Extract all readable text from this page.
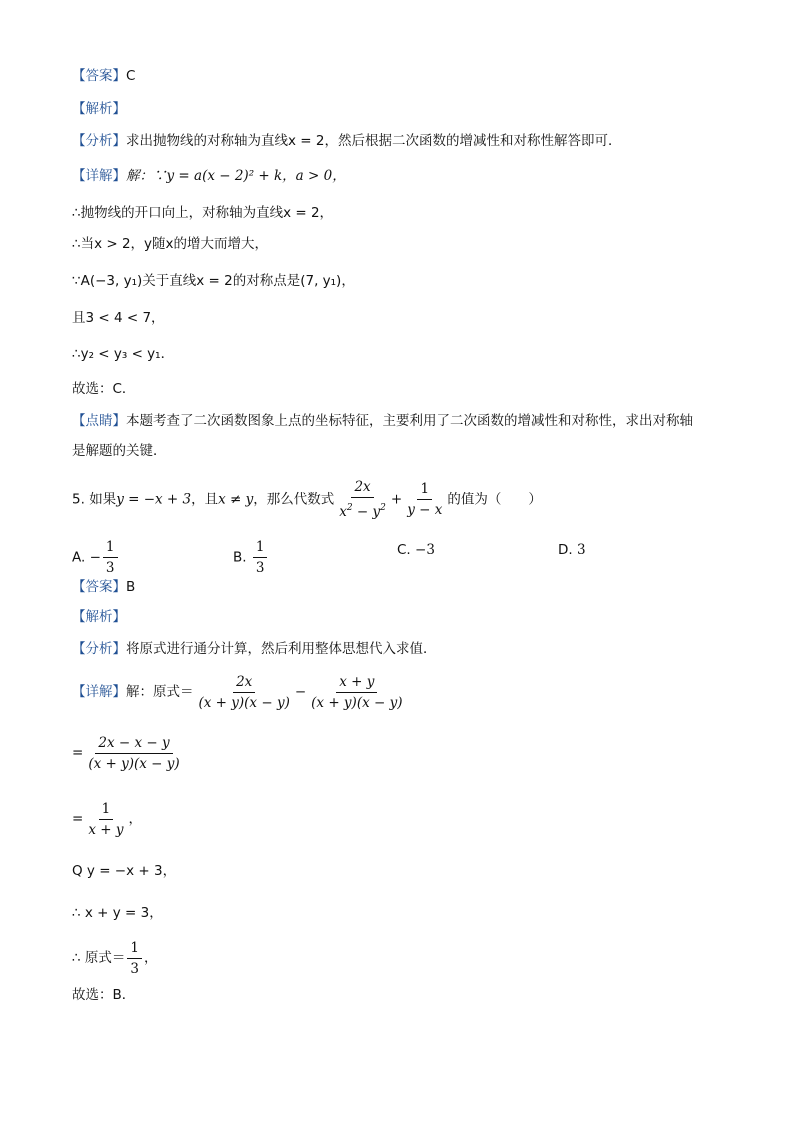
【答案】C
【解析】
【分析】求出抛物线的对称轴为直线x = 2，然后根据二次函数的增减性和对称性解答即可．
【详解】解：∵y = a(x − 2)² + k，a > 0，
∴抛物线的开口向上，对称轴为直线x = 2，
∴当x > 2，y随x的增大而增大，
∵A(−3, y₁)关于直线x = 2的对称点是(7, y₁)，
且3 < 4 < 7，
∴y₂ < y₃ < y₁．
故选：C．
【点睛】本题考查了二次函数图象上点的坐标特征，主要利用了二次函数的增减性和对称性，求出对称轴
是解题的关键．
5. 如果y = −x + 3，且x ≠ y，那么代数式 $\frac{2x}{x^2 - y^2} + \frac{1}{y - x}$ 的值为（　　）
A. − $\frac{1}{3}$	B. $\frac{1}{3}$	C. −3	D. 3
【答案】B
【解析】
【分析】将原式进行通分计算，然后利用整体思想代入求值．
【详解】解：原式＝ $\frac{2x}{(x + y)(x - y)} - \frac{x + y}{(x + y)(x - y)}$
= $\frac{2x - x - y}{(x + y)(x - y)}$
= $\frac{1}{x + y}$ ，
Q y = −x + 3，
∴ x + y = 3，
∴ 原式＝ $\frac{1}{3}$ ，
故选：B．
